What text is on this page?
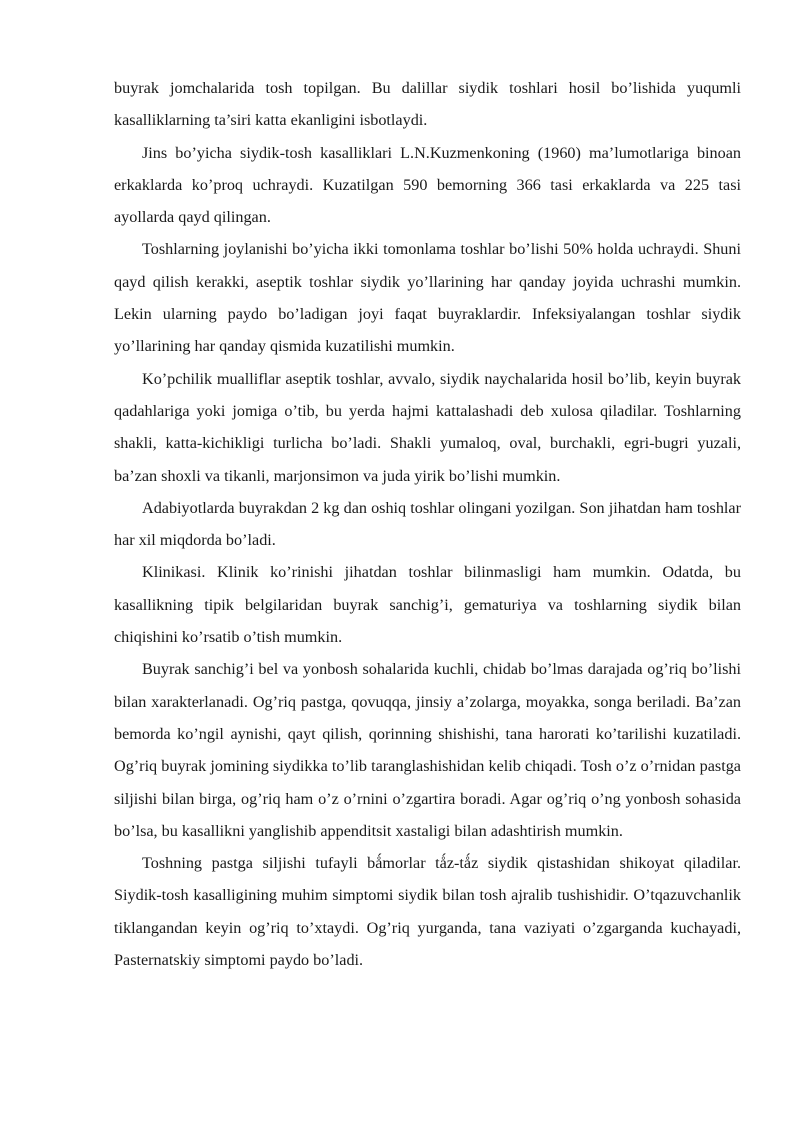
buyrak jomchalarida tosh topilgan. Bu dalillar siydik toshlari hosil bo’lishida yuqumli kasalliklarning ta’siri katta ekanligini isbotlaydi.

Jins bo’yicha siydik-tosh kasalliklari L.N.Kuzmenkoning (1960) ma’lumotlariga binoan erkaklarda ko’proq uchraydi. Kuzatilgan 590 bemorning 366 tasi erkaklarda va 225 tasi ayollarda qayd qilingan.

Toshlarning joylanishi bo’yicha ikki tomonlama toshlar bo’lishi 50% holda uchraydi. Shuni qayd qilish kerakki, aseptik toshlar siydik yo’llarining har qanday joyida uchrashi mumkin. Lekin ularning paydo bo’ladigan joyi faqat buyraklardir. Infeksiyalangan toshlar siydik yo’llarining har qanday qismida kuzatilishi mumkin.

Ko’pchilik mualliflar aseptik toshlar, avvalo, siydik naychalarida hosil bo’lib, keyin buyrak qadahlariga yoki jomiga o’tib, bu yerda hajmi kattalashadi deb xulosa qiladilar. Toshlarning shakli, katta-kichikligi turlicha bo’ladi. Shakli yumaloq, oval, burchakli, egri-bugri yuzali, ba’zan shoxli va tikanli, marjonsimon va juda yirik bo’lishi mumkin.

Adabiyotlarda buyrakdan 2 kg dan oshiq toshlar olingani yozilgan. Son jihatdan ham toshlar har xil miqdorda bo’ladi.

Klinikasi. Klinik ko’rinishi jihatdan toshlar bilinmasligi ham mumkin. Odatda, bu kasallikning tipik belgilaridan buyrak sanchig’i, gematuriya va toshlarning siydik bilan chiqishini ko’rsatib o’tish mumkin.

Buyrak sanchig’i bel va yonbosh sohalarida kuchli, chidab bo’lmas darajada og’riq bo’lishi bilan xarakterlanadi. Og’riq pastga, qovuqqa, jinsiy a’zolarga, moyakka, songa beriladi. Ba’zan bemorda ko’ngil aynishi, qayt qilish, qorinning shishishi, tana harorati ko’tarilishi kuzatiladi. Og’riq buyrak jomining siydikka to’lib taranglashishidan kelib chiqadi. Tosh o’z o’rnidan pastga siljishi bilan birga, og’riq ham o’z o’rnini o’zgartira boradi. Agar og’riq o’ng yonbosh sohasida bo’lsa, bu kasallikni yanglishib appenditsit xastaligi bilan adashtirish mumkin.

Toshning pastga siljishi tufayli bǻmorlar tǻz-tǻz siydik qistashidan shikoyat qiladilar. Siydik-tosh kasalligining muhim simptomi siydik bilan tosh ajralib tushishidir. O’tqazuvchanlik tiklangandan keyin og’riq to’xtaydi. Og’riq yurganda, tana vaziyati o’zgarganda kuchayadi, Pasternatskiy simptomi paydo bo’ladi.
